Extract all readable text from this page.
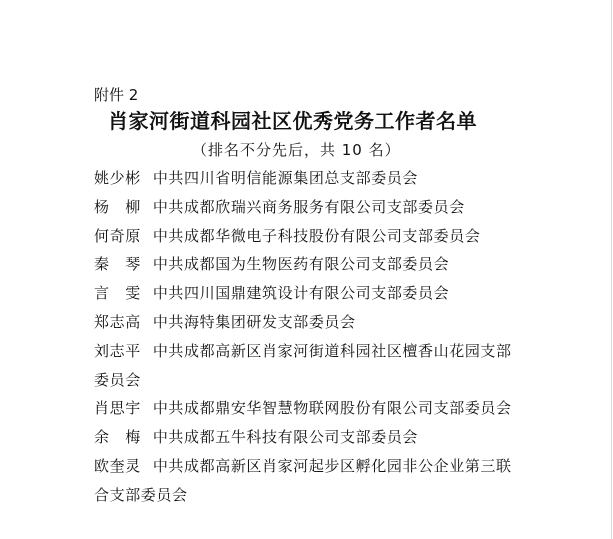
附件 2

肖家河街道科园社区优秀党务工作者名单

（排名不分先后，共 10 名）

姚少彬 中共四川省明信能源集团总支部委员会
杨　柳 中共成都欣瑞兴商务服务有限公司支部委员会
何奇原 中共成都华微电子科技股份有限公司支部委员会
秦　琴 中共成都国为生物医药有限公司支部委员会
言　雯 中共四川国鼎建筑设计有限公司支部委员会
郑志高 中共海特集团研发支部委员会
刘志平 中共成都高新区肖家河街道科园社区檀香山花园支部委员会
肖思宇 中共成都鼎安华智慧物联网股份有限公司支部委员会
余　梅 中共成都五牛科技有限公司支部委员会
欧奎灵 中共成都高新区肖家河起步区孵化园非公企业第三联合支部委员会
